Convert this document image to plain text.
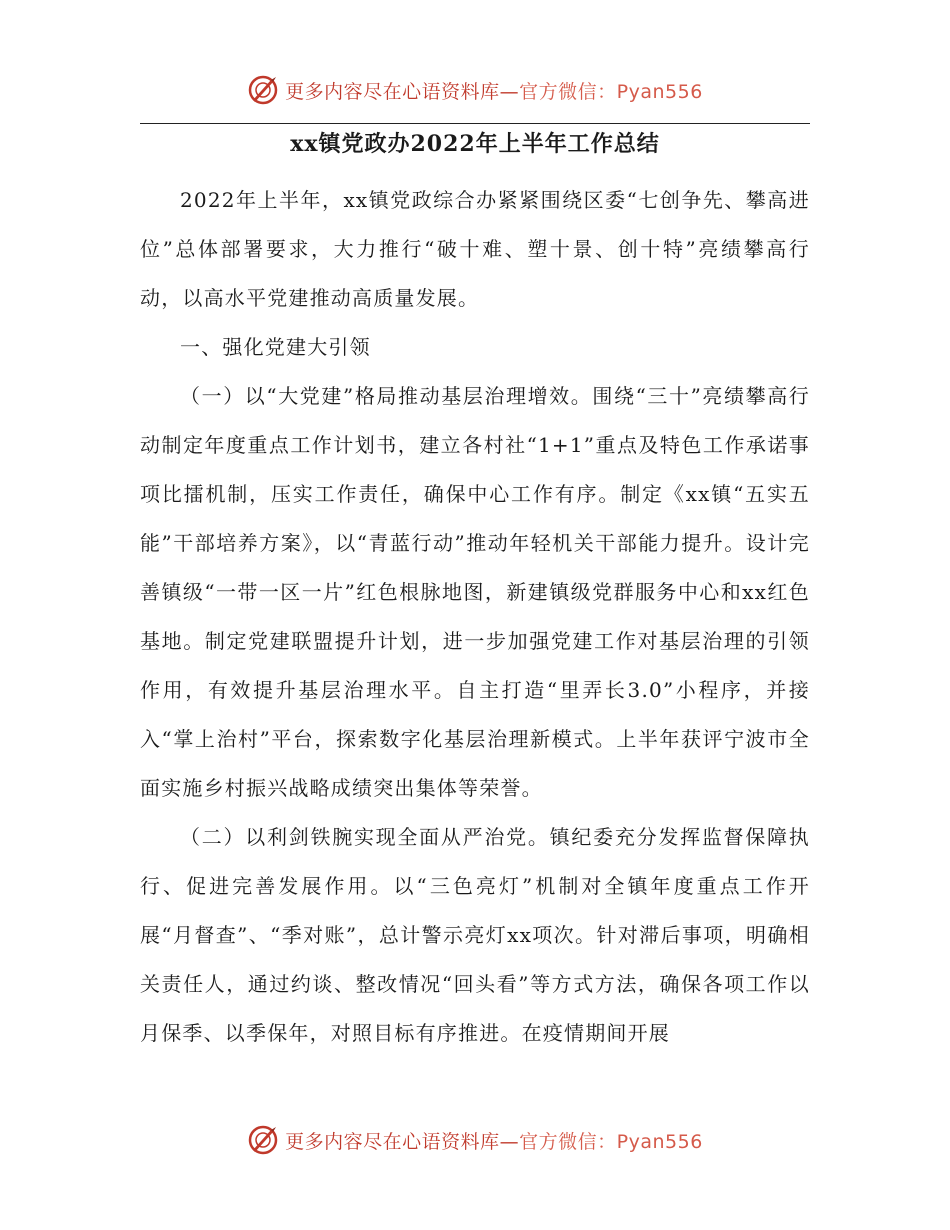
更多内容尽在心语资料库—官方微信：Pyan556
xx镇党政办2022年上半年工作总结

2022年上半年，xx镇党政综合办紧紧围绕区委“七创争先、攀高进位”总体部署要求，大力推行“破十难、塑十景、创十特”亮绩攀高行动，以高水平党建推动高质量发展。

一、强化党建大引领

（一）以“大党建”格局推动基层治理增效。围绕“三十”亮绩攀高行动制定年度重点工作计划书，建立各村社“1+1”重点及特色工作承诺事项比擂机制，压实工作责任，确保中心工作有序。制定《xx镇“五实五能”干部培养方案》，以“青蓝行动”推动年轻机关干部能力提升。设计完善镇级“一带一区一片”红色根脉地图，新建镇级党群服务中心和xx红色基地。制定党建联盟提升计划，进一步加强党建工作对基层治理的引领作用，有效提升基层治理水平。自主打造“里弄长3.0”小程序，并接入“掌上治村”平台，探索数字化基层治理新模式。上半年获评宁波市全面实施乡村振兴战略成绩突出集体等荣誉。

（二）以利剑铁腕实现全面从严治党。镇纪委充分发挥监督保障执行、促进完善发展作用。以“三色亮灯”机制对全镇年度重点工作开展“月督查”、“季对账”，总计警示亮灯xx项次。针对滞后事项，明确相关责任人，通过约谈、整改情况“回头看”等方式方法，确保各项工作以月保季、以季保年，对照目标有序推进。在疫情期间开展

更多内容尽在心语资料库—官方微信：Pyan556
